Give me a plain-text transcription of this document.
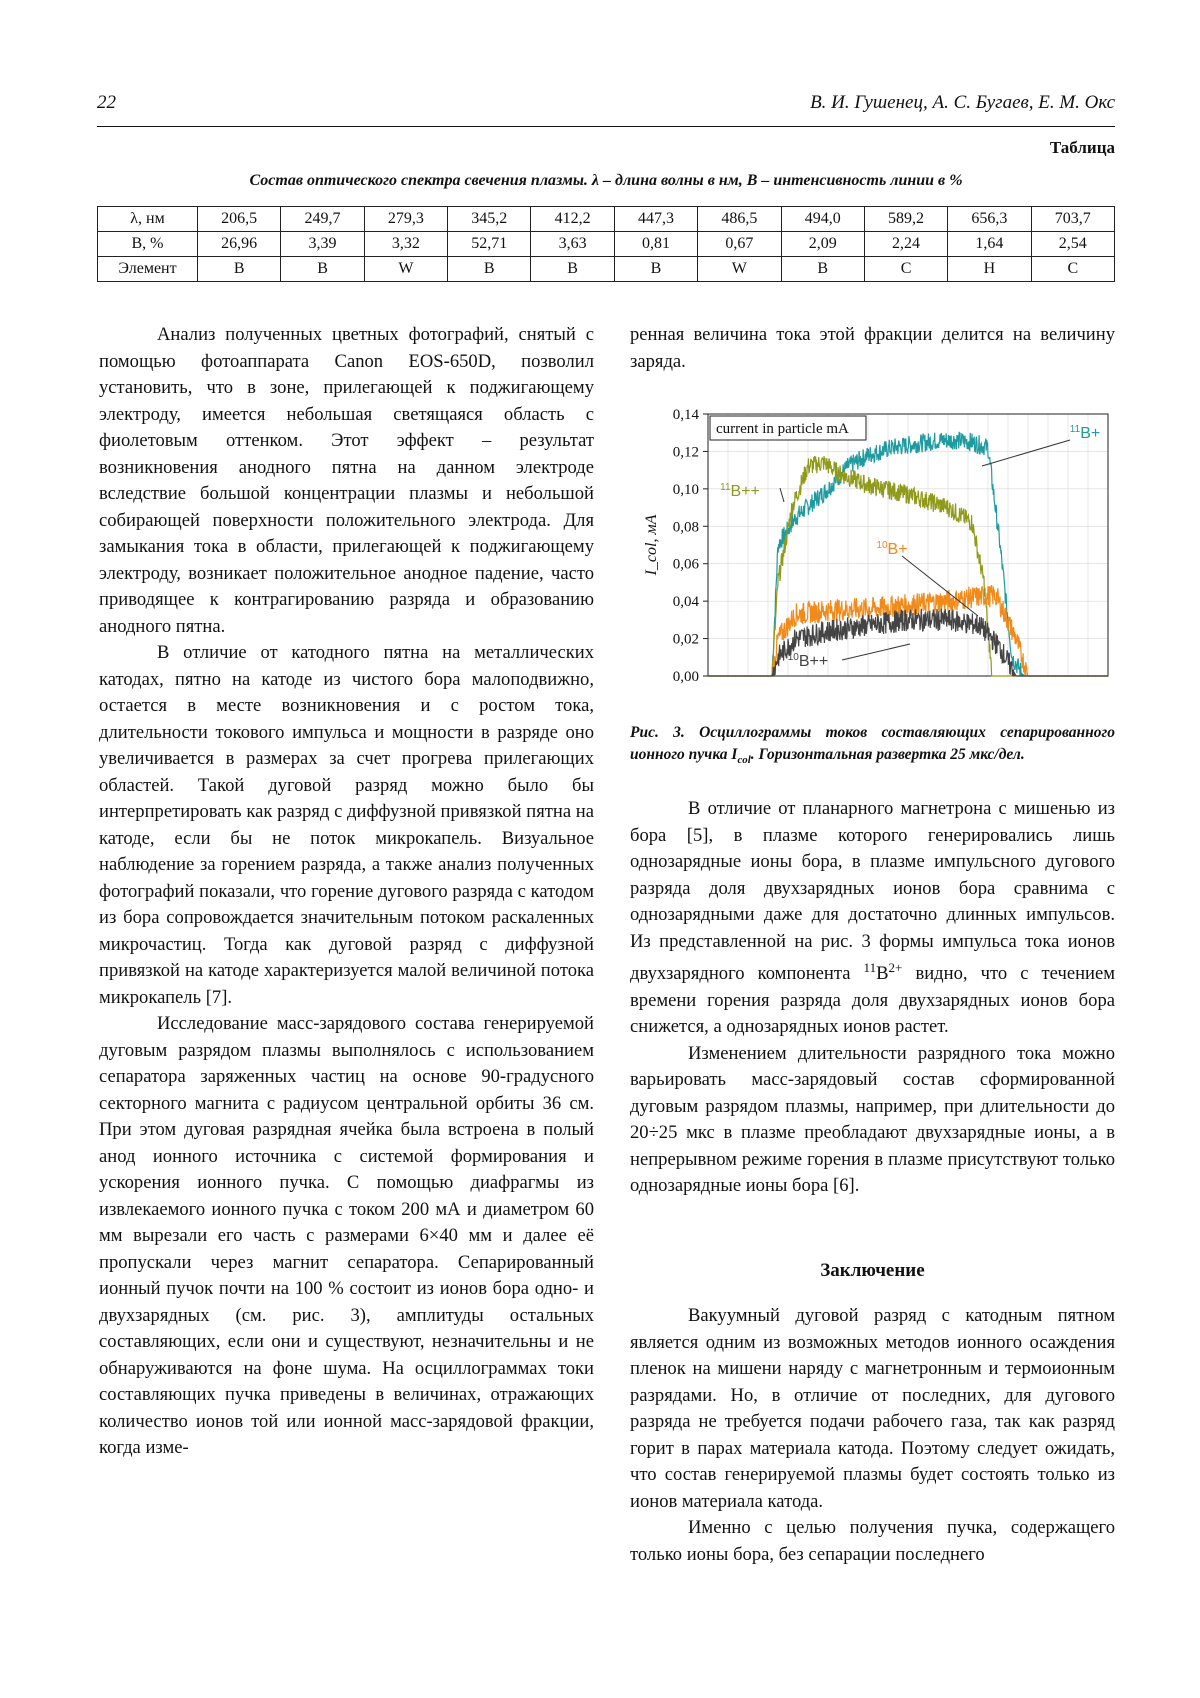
22	В. И. Гушенец, А. С. Бугаев, Е. М. Окс
Таблица
Состав оптического спектра свечения плазмы. λ – длина волны в нм, B – интенсивность линии в %
λ, нм	206,5	249,7	279,3	345,2	412,2	447,3	486,5	494,0	589,2	656,3	703,7
B, %	26,96	3,39	3,32	52,71	3,63	0,81	0,67	2,09	2,24	1,64	2,54
Элемент	B	B	W	B	B	B	W	B	C	H	C

Анализ полученных цветных фотографий, снятый с помощью фотоаппарата Canon EOS-650D, позволил установить, что в зоне, прилегающей к поджигающему электроду, имеется небольшая светящаяся область с фиолетовым оттенком. Этот эффект – результат возникновения анодного пятна на данном электроде вследствие большой концентрации плазмы и небольшой собирающей поверхности положительного электрода. Для замыкания тока в области, прилегающей к поджигающему электроду, возникает положительное анодное падение, часто приводящее к контрагированию разряда и образованию анодного пятна.

В отличие от катодного пятна на металлических катодах, пятно на катоде из чистого бора малоподвижно, остается в месте возникновения и с ростом тока, длительности токового импульса и мощности в разряде оно увеличивается в размерах за счет прогрева прилегающих областей. Такой дуговой разряд можно было бы интерпретировать как разряд с диффузной привязкой пятна на катоде, если бы не поток микрокапель. Визуальное наблюдение за горением разряда, а также анализ полученных фотографий показали, что горение дугового разряда с катодом из бора сопровождается значительным потоком раскаленных микрочастиц. Тогда как дуговой разряд с диффузной привязкой на катоде характеризуется малой величиной потока микрокапель [7].

Исследование масс-зарядового состава генерируемой дуговым разрядом плазмы выполнялось с использованием сепаратора заряженных частиц на основе 90-градусного секторного магнита с радиусом центральной орбиты 36 см. При этом дуговая разрядная ячейка была встроена в полый анод ионного источника с системой формирования и ускорения ионного пучка. С помощью диафрагмы из извлекаемого ионного пучка с током 200 мА и диаметром 60 мм вырезали его часть с размерами 6×40 мм и далее её пропускали через магнит сепаратора. Сепарированный ионный пучок почти на 100 % состоит из ионов бора одно- и двухзарядных (см. рис. 3), амплитуды остальных составляющих, если они и существуют, незначительны и не обнаруживаются на фоне шума. На осциллограммах токи составляющих пучка приведены в величинах, отражающих количество ионов той или ионной масс-зарядовой фракции, когда изме-

ренная величина тока этой фракции делится на величину заряда.

0,00
0,02
0,04
0,06
0,08
0,10
0,12
0,14
I_col, мА
current in particle mA	$^{11}$B+
$^{11}$B++
$^{10}$B+
$^{10}$B++
Рис. 3. Осциллограммы токов составляющих сепарированного ионного пучка $I_{col}$. Горизонтальная развертка 25 мкс/дел.

В отличие от планарного магнетрона с мишенью из бора [5], в плазме которого генерировались лишь однозарядные ионы бора, в плазме импульсного дугового разряда доля двухзарядных ионов бора сравнима с однозарядными даже для достаточно длинных импульсов. Из представленной на рис. 3 формы импульса тока ионов двухзарядного компонента $^{11}B^{2+}$ видно, что с течением времени горения разряда доля двухзарядных ионов бора снижется, а однозарядных ионов растет.

Изменением длительности разрядного тока можно варьировать масс-зарядовый состав сформированной дуговым разрядом плазмы, например, при длительности до 20÷25 мкс в плазме преобладают двухзарядные ионы, а в непрерывном режиме горения в плазме присутствуют только однозарядные ионы бора [6].

Заключение

Вакуумный дуговой разряд с катодным пятном является одним из возможных методов ионного осаждения пленок на мишени наряду с магнетронным и термоионным разрядами. Но, в отличие от последних, для дугового разряда не требуется подачи рабочего газа, так как разряд горит в парах материала катода. Поэтому следует ожидать, что состав генерируемой плазмы будет состоять только из ионов материала катода.

Именно с целью получения пучка, содержащего только ионы бора, без сепарации последнего
